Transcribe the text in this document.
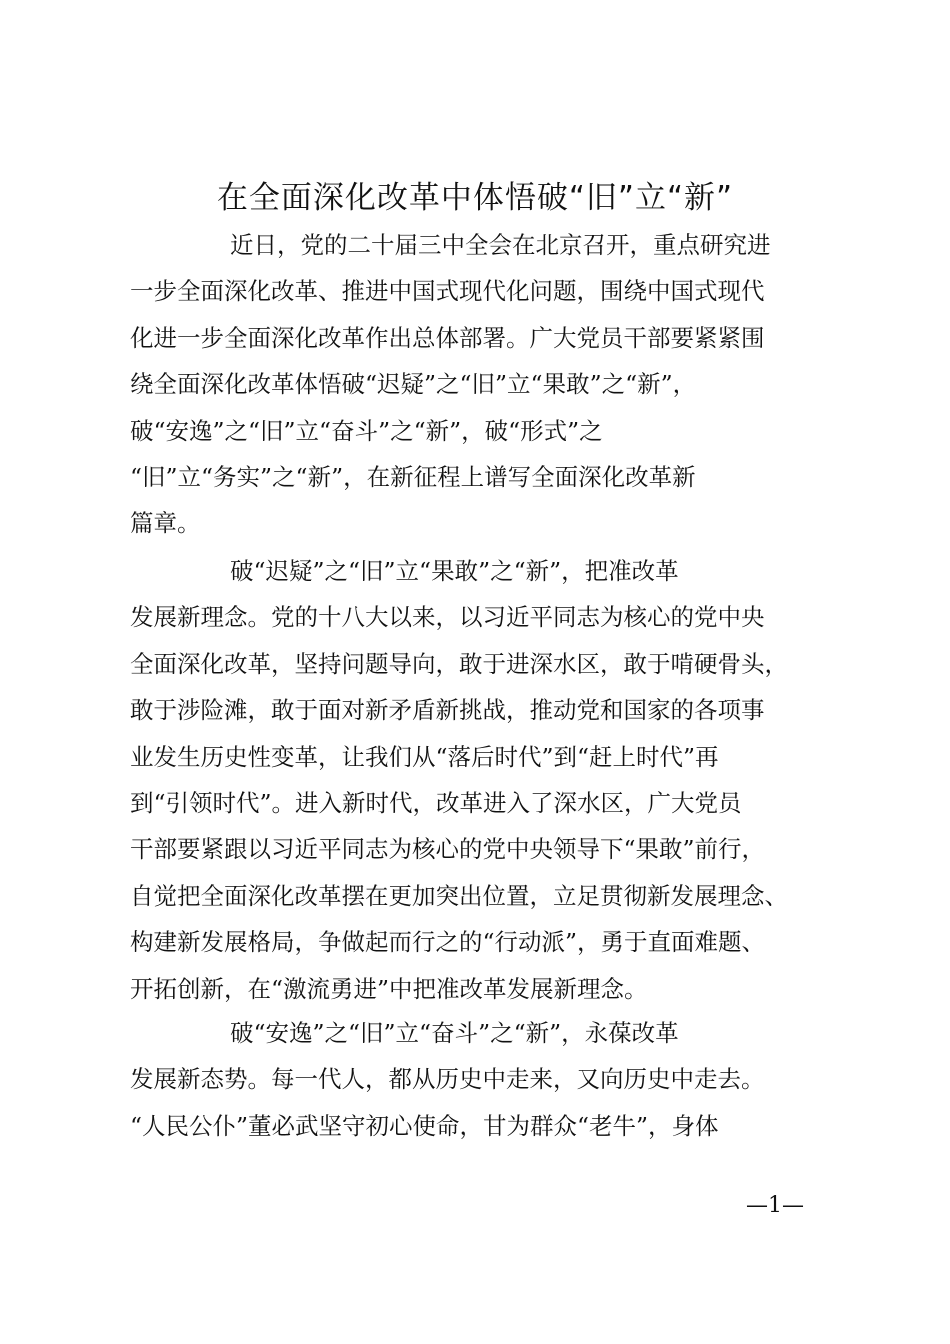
在全面深化改革中体悟破“旧”立“新”
近日，党的二十届三中全会在北京召开，重点研究进
一步全面深化改革、推进中国式现代化问题，围绕中国式现代
化进一步全面深化改革作出总体部署。广大党员干部要紧紧围
绕全面深化改革体悟破“迟疑”之“旧”立“果敢”之“新”，
破“安逸”之“旧”立“奋斗”之“新”，破“形式”之
“旧”立“务实”之“新”，在新征程上谱写全面深化改革新
篇章。
破“迟疑”之“旧”立“果敢”之“新”，把准改革
发展新理念。党的十八大以来，以习近平同志为核心的党中央
全面深化改革，坚持问题导向，敢于进深水区，敢于啃硬骨头，
敢于涉险滩，敢于面对新矛盾新挑战，推动党和国家的各项事
业发生历史性变革，让我们从“落后时代”到“赶上时代”再
到“引领时代”。进入新时代，改革进入了深水区，广大党员
干部要紧跟以习近平同志为核心的党中央领导下“果敢”前行，
自觉把全面深化改革摆在更加突出位置，立足贯彻新发展理念、
构建新发展格局，争做起而行之的“行动派”，勇于直面难题、
开拓创新，在“激流勇进”中把准改革发展新理念。
破“安逸”之“旧”立“奋斗”之“新”，永葆改革
发展新态势。每一代人，都从历史中走来，又向历史中走去。
“人民公仆”董必武坚守初心使命，甘为群众“老牛”，身体
—1—
